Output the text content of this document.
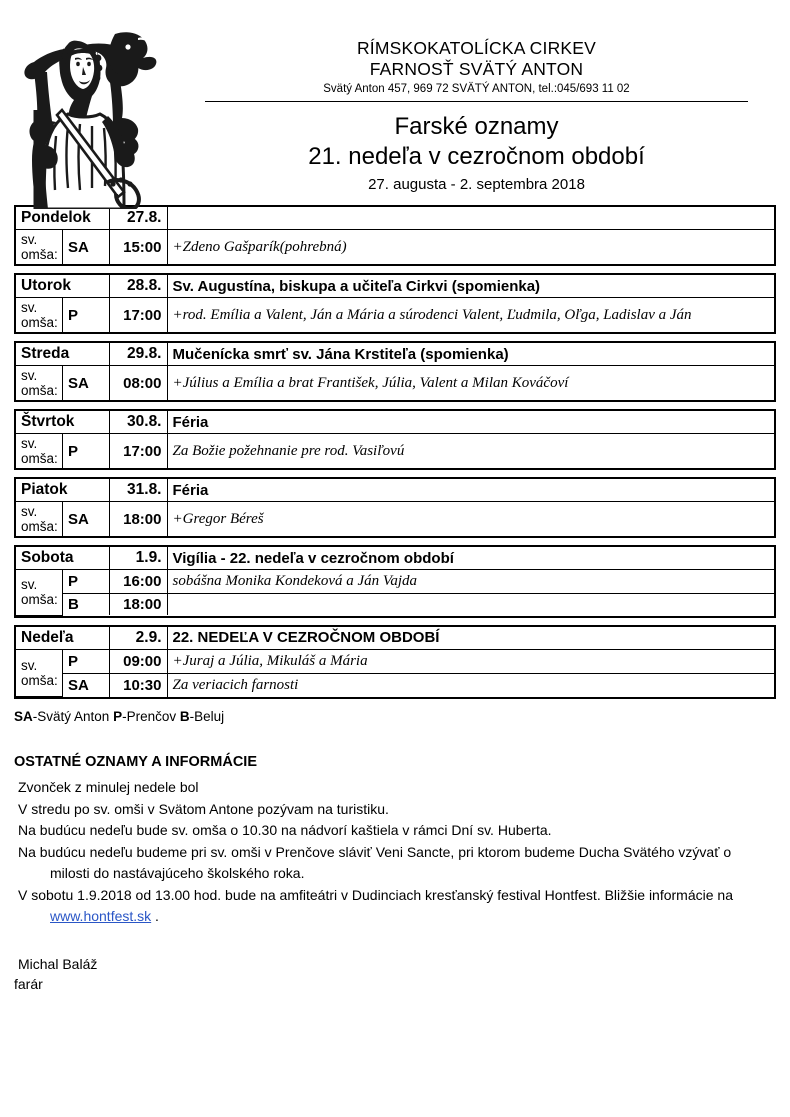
RÍMSKOKATOLÍCKA CIRKEV
FARNOSŤ SVÄTÝ ANTON
Svätý Anton 457, 969 72 SVÄTÝ ANTON, tel.:045/693 11 02
Farské oznamy
21. nedeľa v cezročnom období
27. augusta - 2. septembra 2018
Pondelok		27.8.	
sv. omša:	SA	15:00	+Zdeno Gašparík(pohrebná)
Utorok		28.8.	Sv. Augustína, biskupa a učiteľa Cirkvi (spomienka)
sv. omša:	P	17:00	+rod. Emília a Valent, Ján a Mária a súrodenci Valent, Ľudmila, Oľga, Ladislav a Ján
Streda		29.8.	Mučenícka smrť sv. Jána Krstiteľa (spomienka)
sv. omša:	SA	08:00	+Július a Emília a brat František, Júlia, Valent a Milan Kováčoví
Štvrtok		30.8.	Féria
sv. omša:	P	17:00	Za Božie požehnanie pre rod. Vasiľovú
Piatok		31.8.	Féria
sv. omša:	SA	18:00	+Gregor Béreš
Sobota		1.9.	Vigília - 22. nedeľa v cezročnom období
sv. omša:	P	16:00	sobášna Monika Kondeková a Ján Vajda
	B	18:00	
Nedeľa		2.9.	22. NEDEĽA V CEZROČNOM OBDOBÍ
sv. omša:	P	09:00	+Juraj a Júlia, Mikuláš a Mária
	SA	10:30	Za veriacich farnosti
SA-Svätý Anton P-Prenčov B-Beluj
OSTATNÉ OZNAMY A INFORMÁCIE
Zvonček z minulej nedele bol
V stredu po sv. omši v Svätom Antone pozývam na turistiku.
Na budúcu nedeľu bude sv. omša o 10.30 na nádvorí kaštiela v rámci Dní sv. Huberta.
Na budúcu nedeľu budeme pri sv. omši v Prenčove sláviť Veni Sancte, pri ktorom budeme Ducha Svätého vzývať o
milosti do nastávajúceho školského roka.
V sobotu 1.9.2018 od 13.00 hod. bude na amfiteátri v Dudinciach kresťanský festival Hontfest. Bližšie informácie na
www.hontfest.sk .
Michal Baláž
farár
